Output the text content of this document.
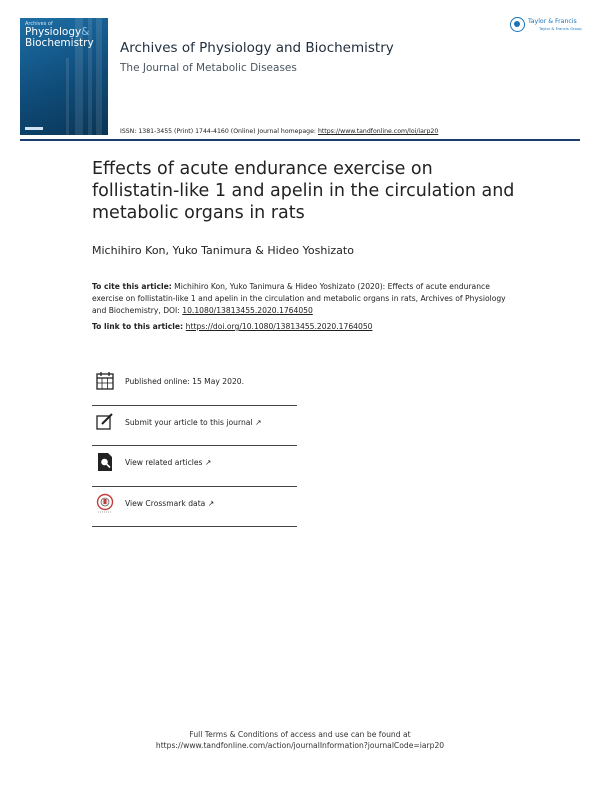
Archives of
Physiology&
Biochemistry Archives of Physiology and Biochemistry
The Journal of Metabolic Diseases
ISSN: 1381-3455 (Print) 1744-4160 (Online) Journal homepage: https://www.tandfonline.com/loi/iarp20
Taylor & Francis
Taylor & Francis Group
Effects of acute endurance exercise on follistatin-like 1 and apelin in the circulation and metabolic organs in rats
Michihiro Kon, Yuko Tanimura & Hideo Yoshizato
To cite this article: Michihiro Kon, Yuko Tanimura & Hideo Yoshizato (2020): Effects of acute endurance exercise on follistatin-like 1 and apelin in the circulation and metabolic organs in rats, Archives of Physiology and Biochemistry, DOI: 10.1080/13813455.2020.1764050
To link to this article: https://doi.org/10.1080/13813455.2020.1764050
Published online: 15 May 2020.
Submit your article to this journal ↗
View related articles ↗
View Crossmark data ↗
Full Terms & Conditions of access and use can be found at
https://www.tandfonline.com/action/journalInformation?journalCode=iarp20
